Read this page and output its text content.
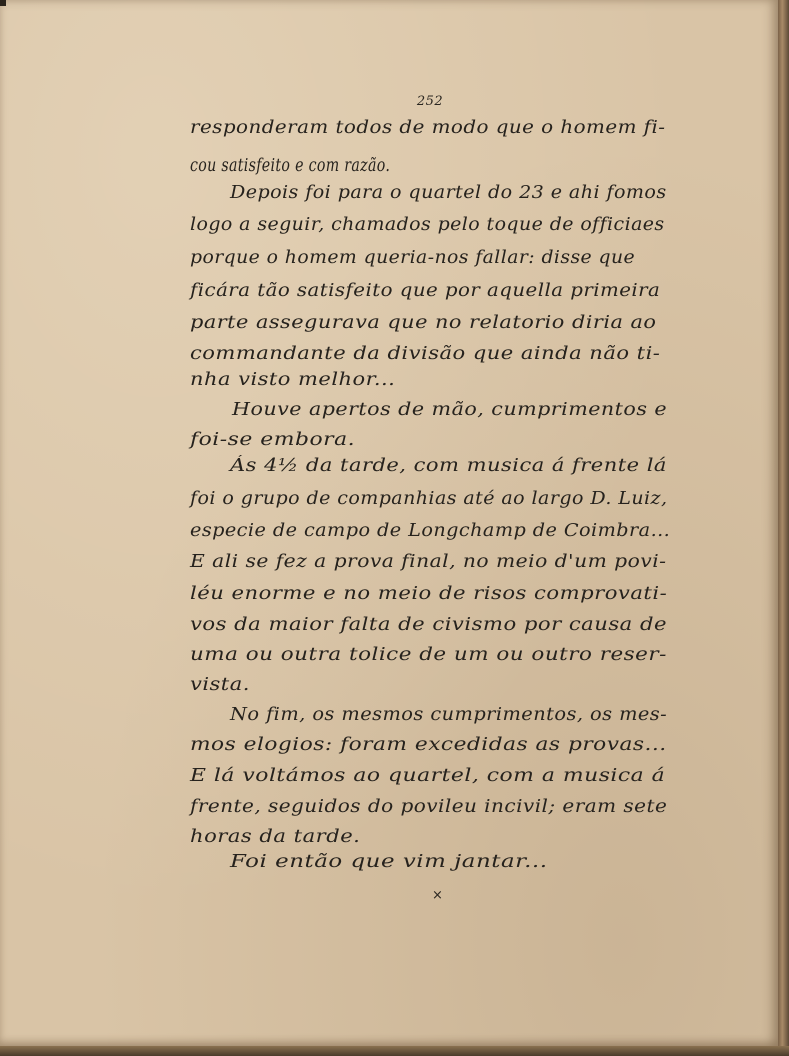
252
responderam todos de modo que o homem fi-
cou satisfeito e com razão.
Depois foi para o quartel do 23 e ahi fomos
logo a seguir, chamados pelo toque de officiaes
porque o homem queria-nos fallar: disse que
ficára tão satisfeito que por aquella primeira
parte assegurava que no relatorio diria ao
commandante da divisão que ainda não ti-
nha visto melhor...
Houve apertos de mão, cumprimentos e
foi-se embora.
Ás 4½ da tarde, com musica á frente lá
foi o grupo de companhias até ao largo D. Luiz,
especie de campo de Longchamp de Coimbra...
E ali se fez a prova final, no meio d'um povi-
léu enorme e no meio de risos comprovati-
vos da maior falta de civismo por causa de
uma ou outra tolice de um ou outro reser-
vista.
No fim, os mesmos cumprimentos, os mes-
mos elogios: foram excedidas as provas...
E lá voltámos ao quartel, com a musica á
frente, seguidos do povileu incivil; eram sete
horas da tarde.
Foi então que vim jantar...
×
